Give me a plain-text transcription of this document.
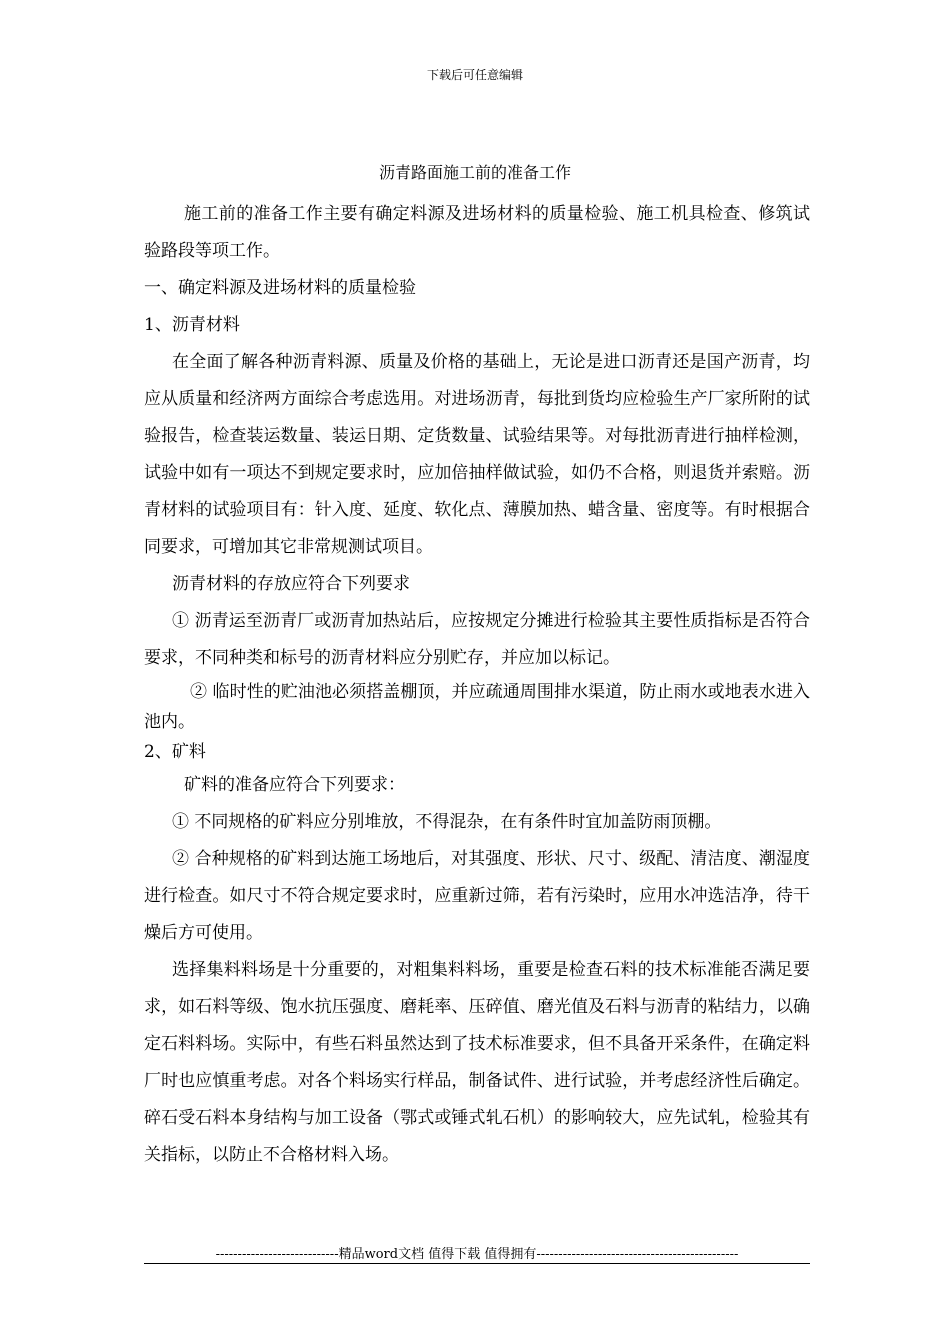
下载后可任意编辑
沥青路面施工前的准备工作

施工前的准备工作主要有确定料源及进场材料的质量检验、施工机具检查、修筑试验路段等项工作。

一、确定料源及进场材料的质量检验

1、沥青材料

在全面了解各种沥青料源、质量及价格的基础上，无论是进口沥青还是国产沥青，均应从质量和经济两方面综合考虑选用。对进场沥青，每批到货均应检验生产厂家所附的试验报告，检查装运数量、装运日期、定货数量、试验结果等。对每批沥青进行抽样检测，试验中如有一项达不到规定要求时，应加倍抽样做试验，如仍不合格，则退货并索赔。沥青材料的试验项目有：针入度、延度、软化点、薄膜加热、蜡含量、密度等。有时根据合同要求，可增加其它非常规测试项目。

沥青材料的存放应符合下列要求

① 沥青运至沥青厂或沥青加热站后，应按规定分摊进行检验其主要性质指标是否符合要求，不同种类和标号的沥青材料应分别贮存，并应加以标记。

② 临时性的贮油池必须搭盖棚顶，并应疏通周围排水渠道，防止雨水或地表水进入池内。

2、矿料

矿料的准备应符合下列要求：

① 不同规格的矿料应分别堆放，不得混杂，在有条件时宜加盖防雨顶棚。

② 合种规格的矿料到达施工场地后，对其强度、形状、尺寸、级配、清洁度、潮湿度进行检查。如尺寸不符合规定要求时，应重新过筛，若有污染时，应用水冲选洁净，待干燥后方可使用。

选择集料料场是十分重要的，对粗集料料场，重要是检查石料的技术标准能否满足要求，如石料等级、饱水抗压强度、磨耗率、压碎值、磨光值及石料与沥青的粘结力，以确定石料料场。实际中，有些石料虽然达到了技术标准要求，但不具备开采条件，在确定料厂时也应慎重考虑。对各个料场实行样品，制备试件、进行试验，并考虑经济性后确定。碎石受石料本身结构与加工设备（鄂式或锤式轧石机）的影响较大，应先试轧，检验其有关指标，以防止不合格材料入场。

----------------------------精品word文档 值得下载 值得拥有----------------------------------------------
